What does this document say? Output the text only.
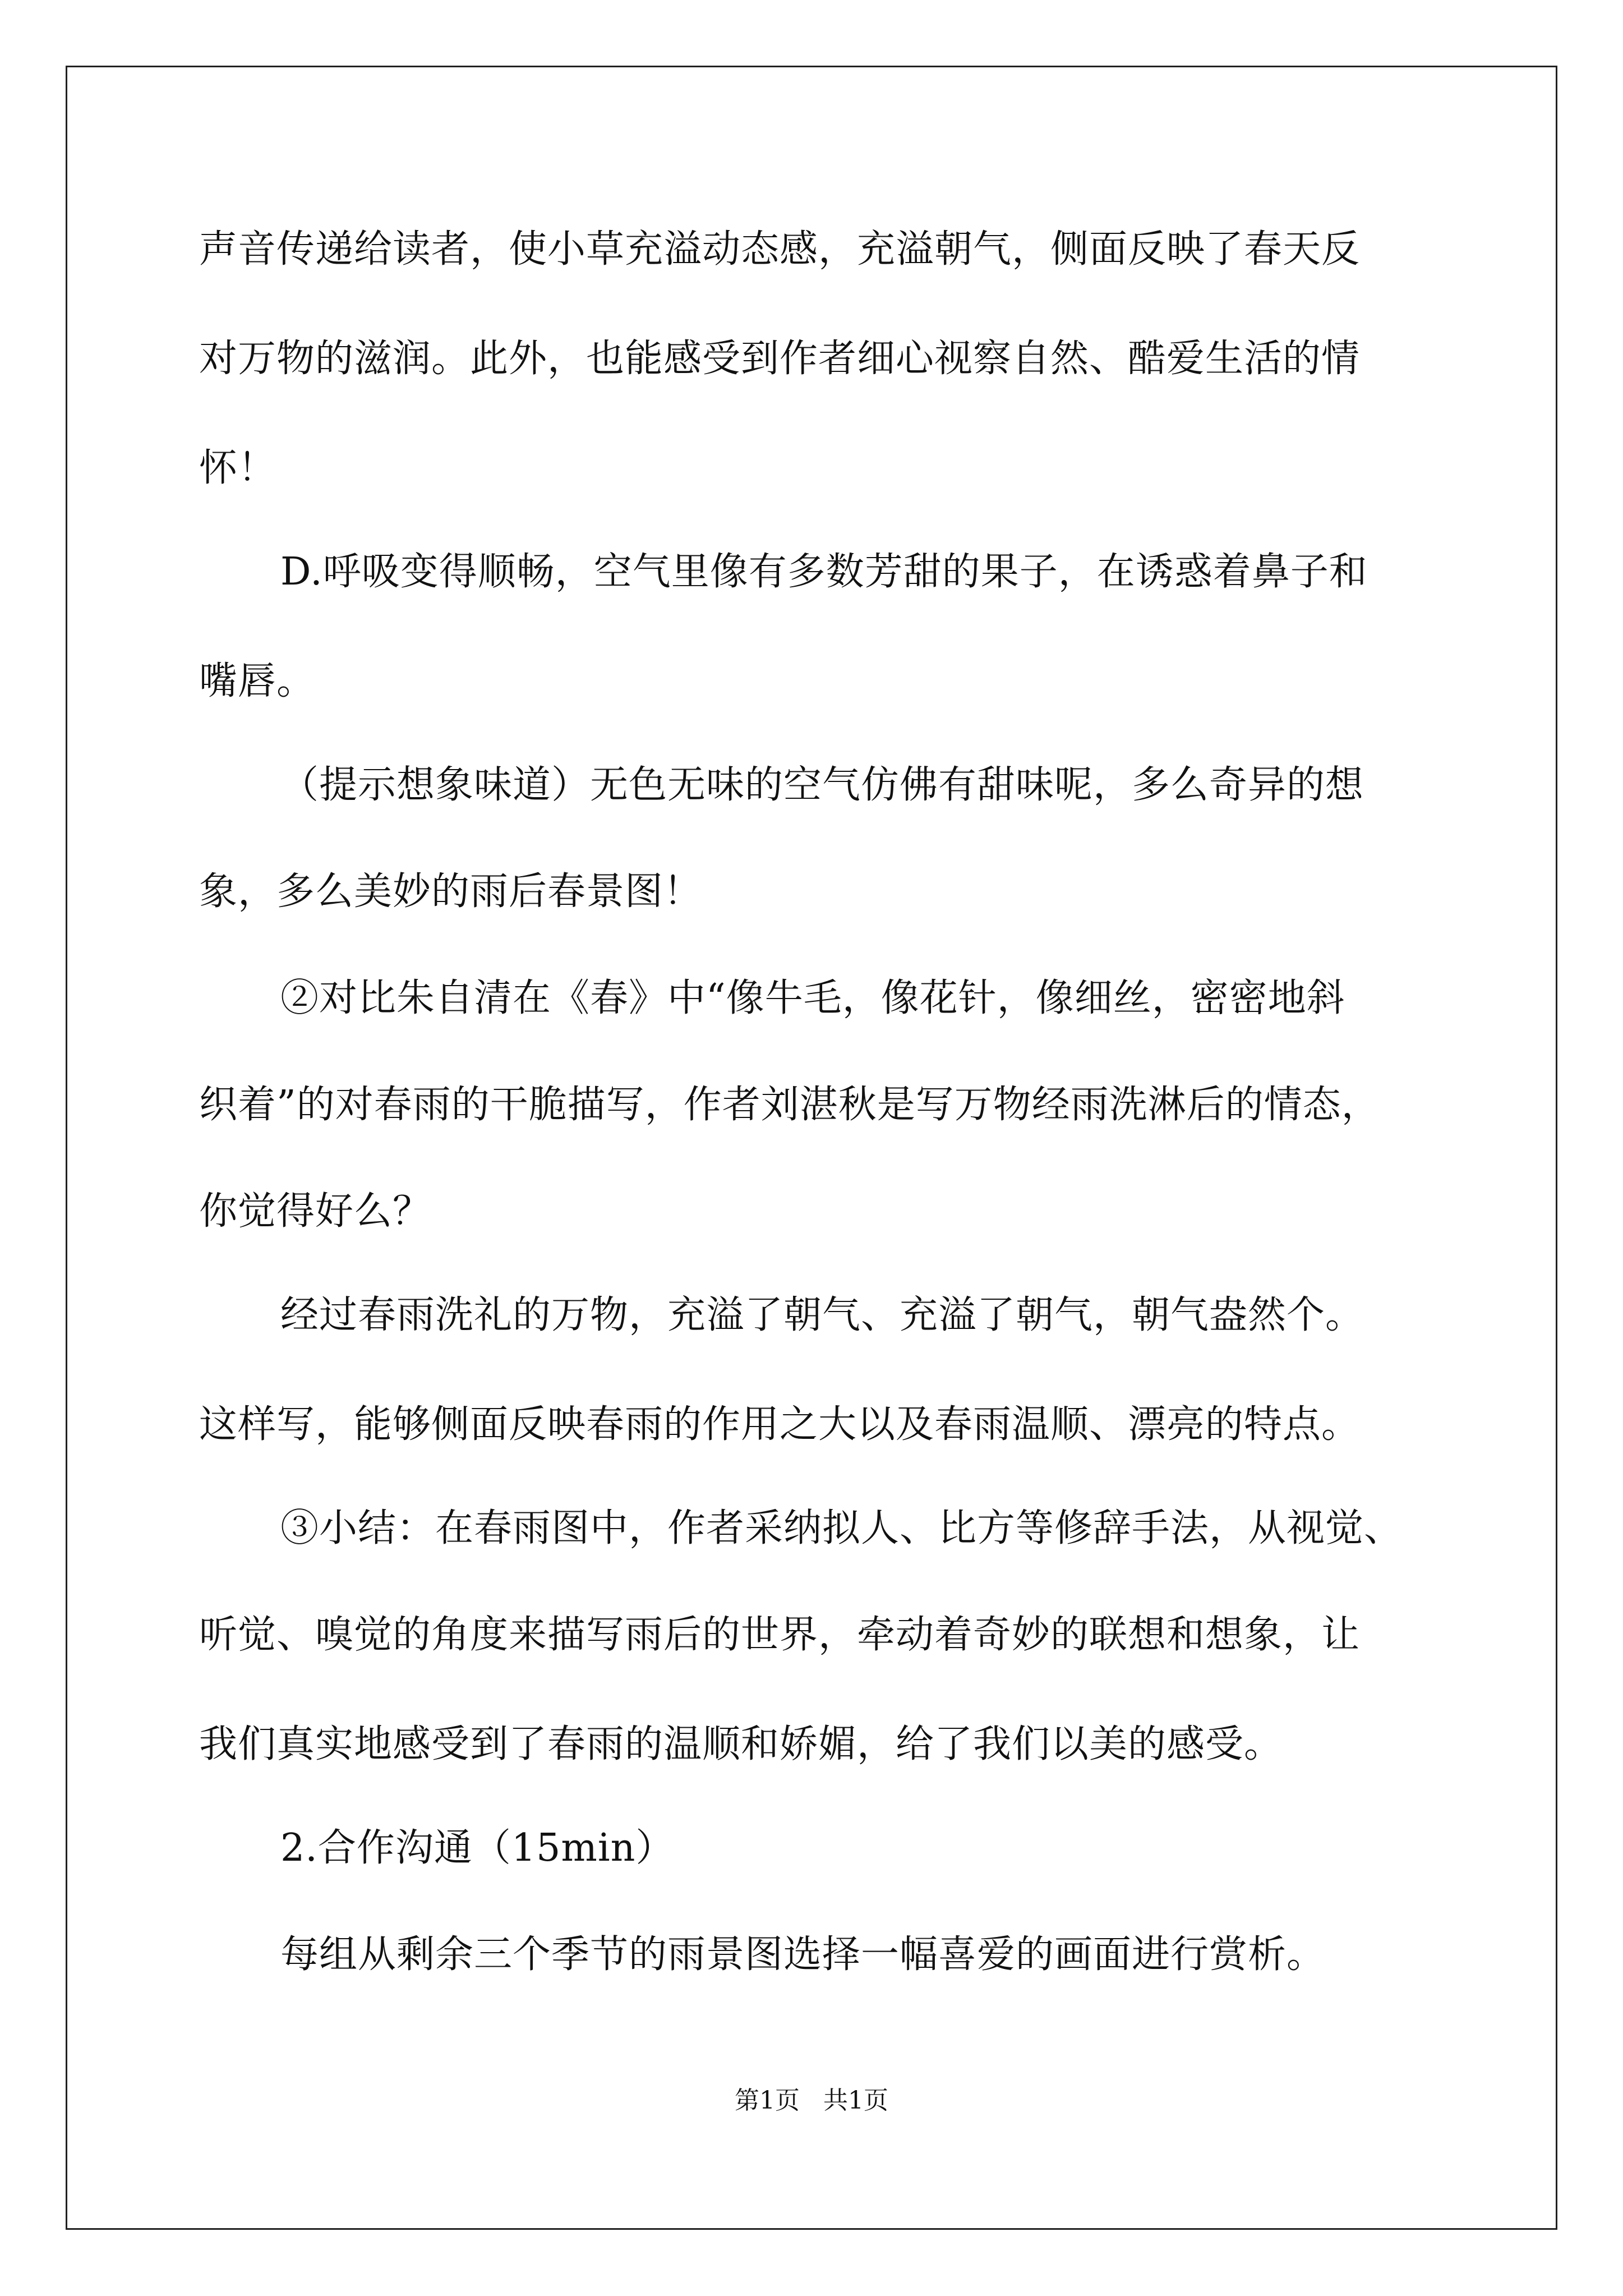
声音传递给读者，使小草充溢动态感，充溢朝气，侧面反映了春天反
对万物的滋润。此外，也能感受到作者细心视察自然、酷爱生活的情
怀！
D.呼吸变得顺畅，空气里像有多数芳甜的果子，在诱惑着鼻子和
嘴唇。
（提示想象味道）无色无味的空气仿佛有甜味呢，多么奇异的想
象，多么美妙的雨后春景图！
②对比朱自清在《春》中“像牛毛，像花针，像细丝，密密地斜
织着”的对春雨的干脆描写，作者刘湛秋是写万物经雨洗淋后的情态，
你觉得好么？
经过春雨洗礼的万物，充溢了朝气、充溢了朝气，朝气盎然个。
这样写，能够侧面反映春雨的作用之大以及春雨温顺、漂亮的特点。
③小结：在春雨图中，作者采纳拟人、比方等修辞手法，从视觉、
听觉、嗅觉的角度来描写雨后的世界，牵动着奇妙的联想和想象，让
我们真实地感受到了春雨的温顺和娇媚，给了我们以美的感受。
2.合作沟通（15min）
每组从剩余三个季节的雨景图选择一幅喜爱的画面进行赏析。
第1页   共1页
